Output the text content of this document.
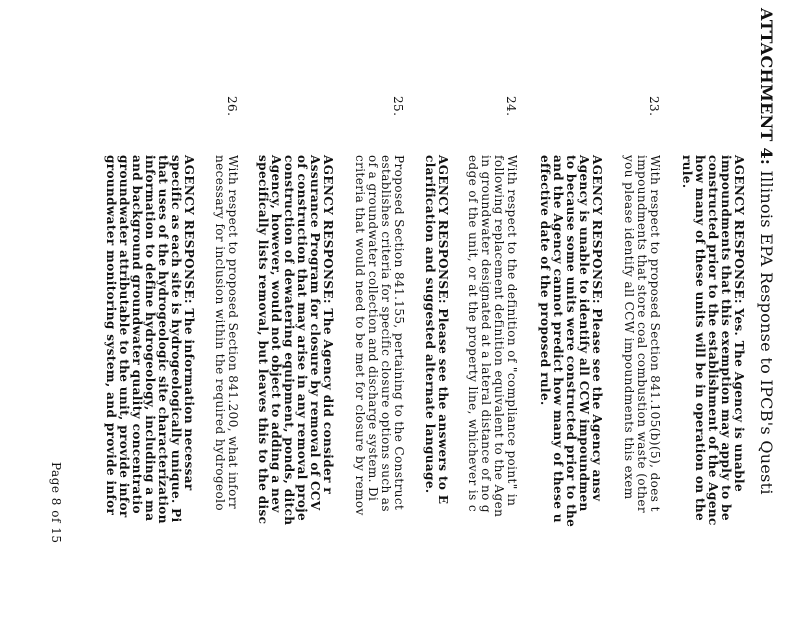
ATTACHMENT 4: Illinois EPA Response to IPCB's Questi
AGENCY RESPONSE: Yes. The Agency is unable
impoundments that this exemption may apply to be
constructed prior to the establishment of the Agenc
how many of these units will be in operation on the
rule.
23.
With respect to proposed Section 841.105(b)(5), does t
impoundments that store coal combustion waste (other
you please identify all CCW impoundments this exem
AGENCY RESPONSE: Please see the Agency ansv
Agency is unable to identify all CCW impoundmen
to because some units were constructed prior to the
and the Agency cannot predict how many of these u
effective date of the proposed rule.
24.
With respect to the definition of "compliance point" in
following replacement definition equivalent to the Agen
in groundwater designated at a lateral distance of no g
edge of the unit, or at the property line, whichever is c
AGENCY RESPONSE: Please see the answers to E
clarification and suggested alternate language.
25.
Proposed Section 841.155, pertaining to the Construct
establishes criteria for specific closure options such as
of a groundwater collection and discharge system. Di
criteria that would need to be met for closure by remov
AGENCY RESPONSE: The Agency did consider r
Assurance Program for closure by removal of CCV
of construction that may arise in any removal proje
construction of dewatering equipment, ponds, ditch
Agency, however, would not object to adding a nev
specifically lists removal, but leaves this to the disc
26.
With respect to proposed Section 841.200, what inforr
necessary for inclusion within the required hydrogeolo
AGENCY RESPONSE: The information necessar
specific as each site is hydrogeologically unique. Pi
that uses of the hydrogeologic site characterization
information to define hydrogeology, including a ma
and background groundwater quality concentratio
groundwater attributable to the unit, provide infor
groundwater monitoring system, and provide infor
Page 8 of 15
